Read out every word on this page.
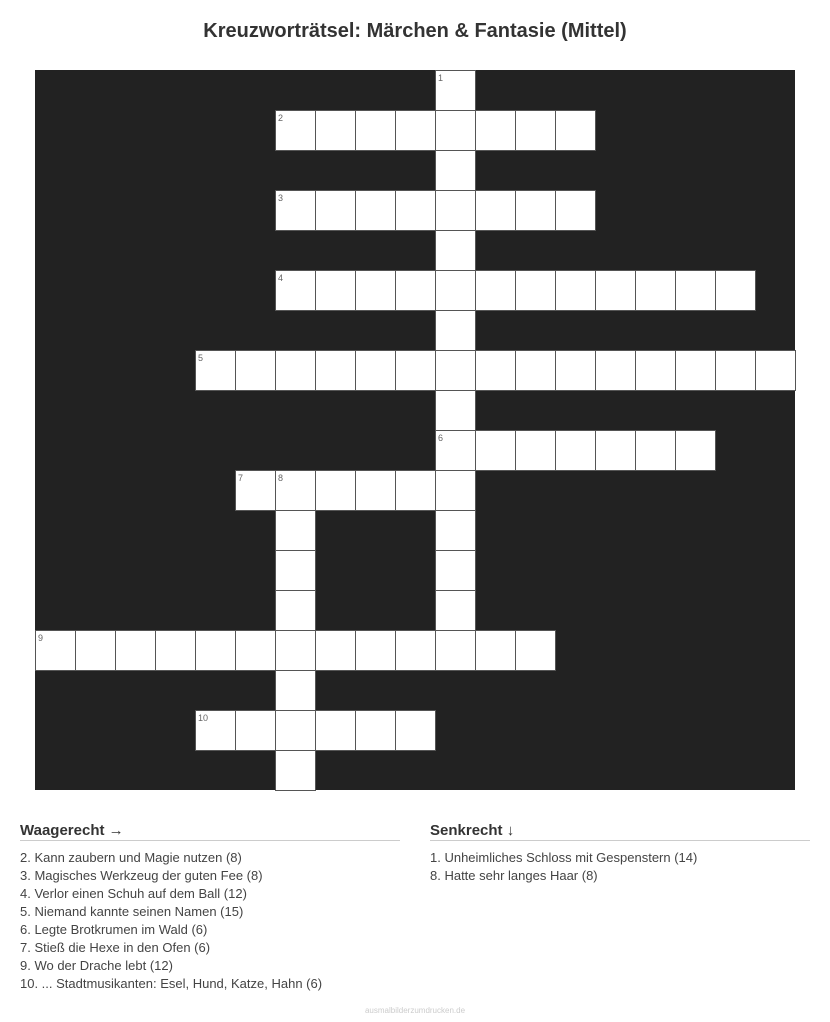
Kreuzworträtsel: Märchen & Fantasie (Mittel)
1
6
2
3
4
5
7	8
9
10
Waagerecht →
2. Kann zaubern und Magie nutzen (8)
3. Magisches Werkzeug der guten Fee (8)
4. Verlor einen Schuh auf dem Ball (12)
5. Niemand kannte seinen Namen (15)
6. Legte Brotkrumen im Wald (6)
7. Stieß die Hexe in den Ofen (6)
9. Wo der Drache lebt (12)
10. ... Stadtmusikanten: Esel, Hund, Katze, Hahn (6)
Senkrecht ↓
1. Unheimliches Schloss mit Gespenstern (14)
8. Hatte sehr langes Haar (8)
ausmalbilderzumdrucken.de
